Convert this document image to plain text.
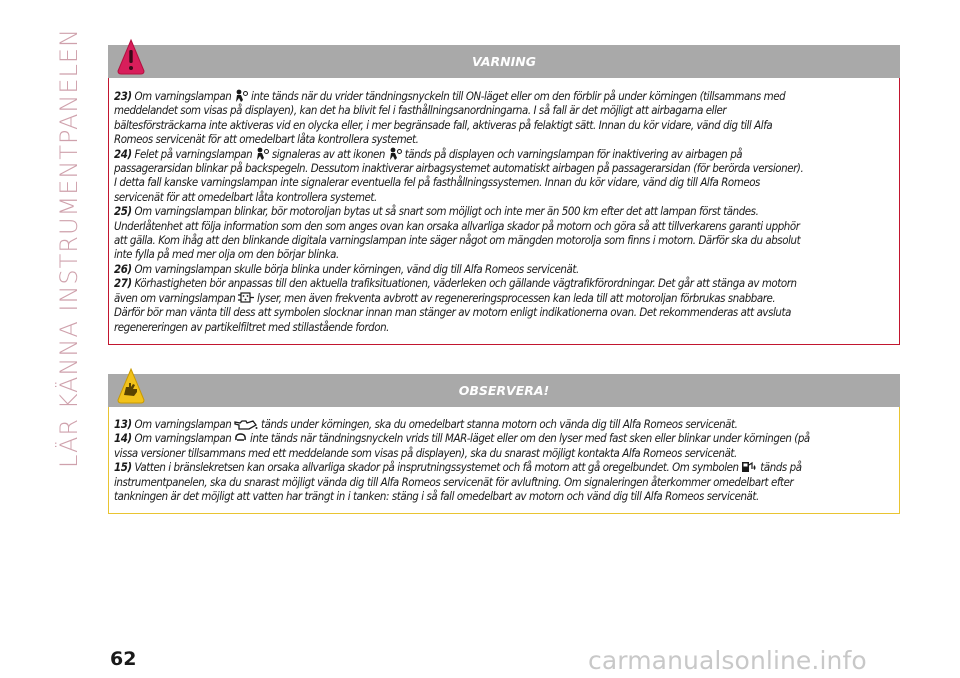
LÄR KÄNNA INSTRUMENTPANELEN	VARNING

23) Om varningslampan inte tänds när du vrider tändningsnyckeln till ON-läget eller om den förblir på under körningen (tillsammans med

meddelandet som visas på displayen), kan det ha blivit fel i fasthållningsanordningarna. I så fall är det möjligt att airbagarna eller

bältesförsträckarna inte aktiveras vid en olycka eller, i mer begränsade fall, aktiveras på felaktigt sätt. Innan du kör vidare, vänd dig till Alfa

Romeos servicenät för att omedelbart låta kontrollera systemet.

24) Felet på varningslampan signaleras av att ikonen tänds på displayen och varningslampan för inaktivering av airbagen på

passagerarsidan blinkar på backspegeln. Dessutom inaktiverar airbagsystemet automatiskt airbagen på passagerarsidan (för berörda versioner).

I detta fall kanske varningslampan inte signalerar eventuella fel på fasthållningssystemen. Innan du kör vidare, vänd dig till Alfa Romeos

servicenät för att omedelbart låta kontrollera systemet.

25) Om varningslampan blinkar, bör motoroljan bytas ut så snart som möjligt och inte mer än 500 km efter det att lampan först tändes.

Underlåtenhet att följa information som den som anges ovan kan orsaka allvarliga skador på motorn och göra så att tillverkarens garanti upphör

att gälla. Kom ihåg att den blinkande digitala varningslampan inte säger något om mängden motorolja som finns i motorn. Därför ska du absolut

inte fylla på med mer olja om den börjar blinka.

26) Om varningslampan skulle börja blinka under körningen, vänd dig till Alfa Romeos servicenät.

27) Körhastigheten bör anpassas till den aktuella trafiksituationen, väderleken och gällande vägtrafikförordningar. Det går att stänga av motorn

även om varningslampan lyser, men även frekventa avbrott av regenereringsprocessen kan leda till att motoroljan förbrukas snabbare.

Därför bör man vänta till dess att symbolen slocknar innan man stänger av motorn enligt indikationerna ovan. Det rekommenderas att avsluta

regenereringen av partikelfiltret med stillastående fordon.

OBSERVERA!

13) Om varningslampan	tänds under körningen, ska du omedelbart stanna motorn och vända dig till Alfa Romeos servicenät.

14) Om varningslampan inte tänds när tändningsnyckeln vrids till MAR-läget eller om den lyser med fast sken eller blinkar under körningen (på

vissa versioner tillsammans med ett meddelande som visas på displayen), ska du snarast möjligt kontakta Alfa Romeos servicenät.

15) Vatten i bränslekretsen kan orsaka allvarliga skador på insprutningssystemet och få motorn att gå oregelbundet. Om symbolen tänds på

instrumentpanelen, ska du snarast möjligt vända dig till Alfa Romeos servicenät för avluftning. Om signaleringen återkommer omedelbart efter

tankningen är det möjligt att vatten har trängt in i tanken: stäng i så fall omedelbart av motorn och vänd dig till Alfa Romeos servicenät.

62	carmanualsonline.info
